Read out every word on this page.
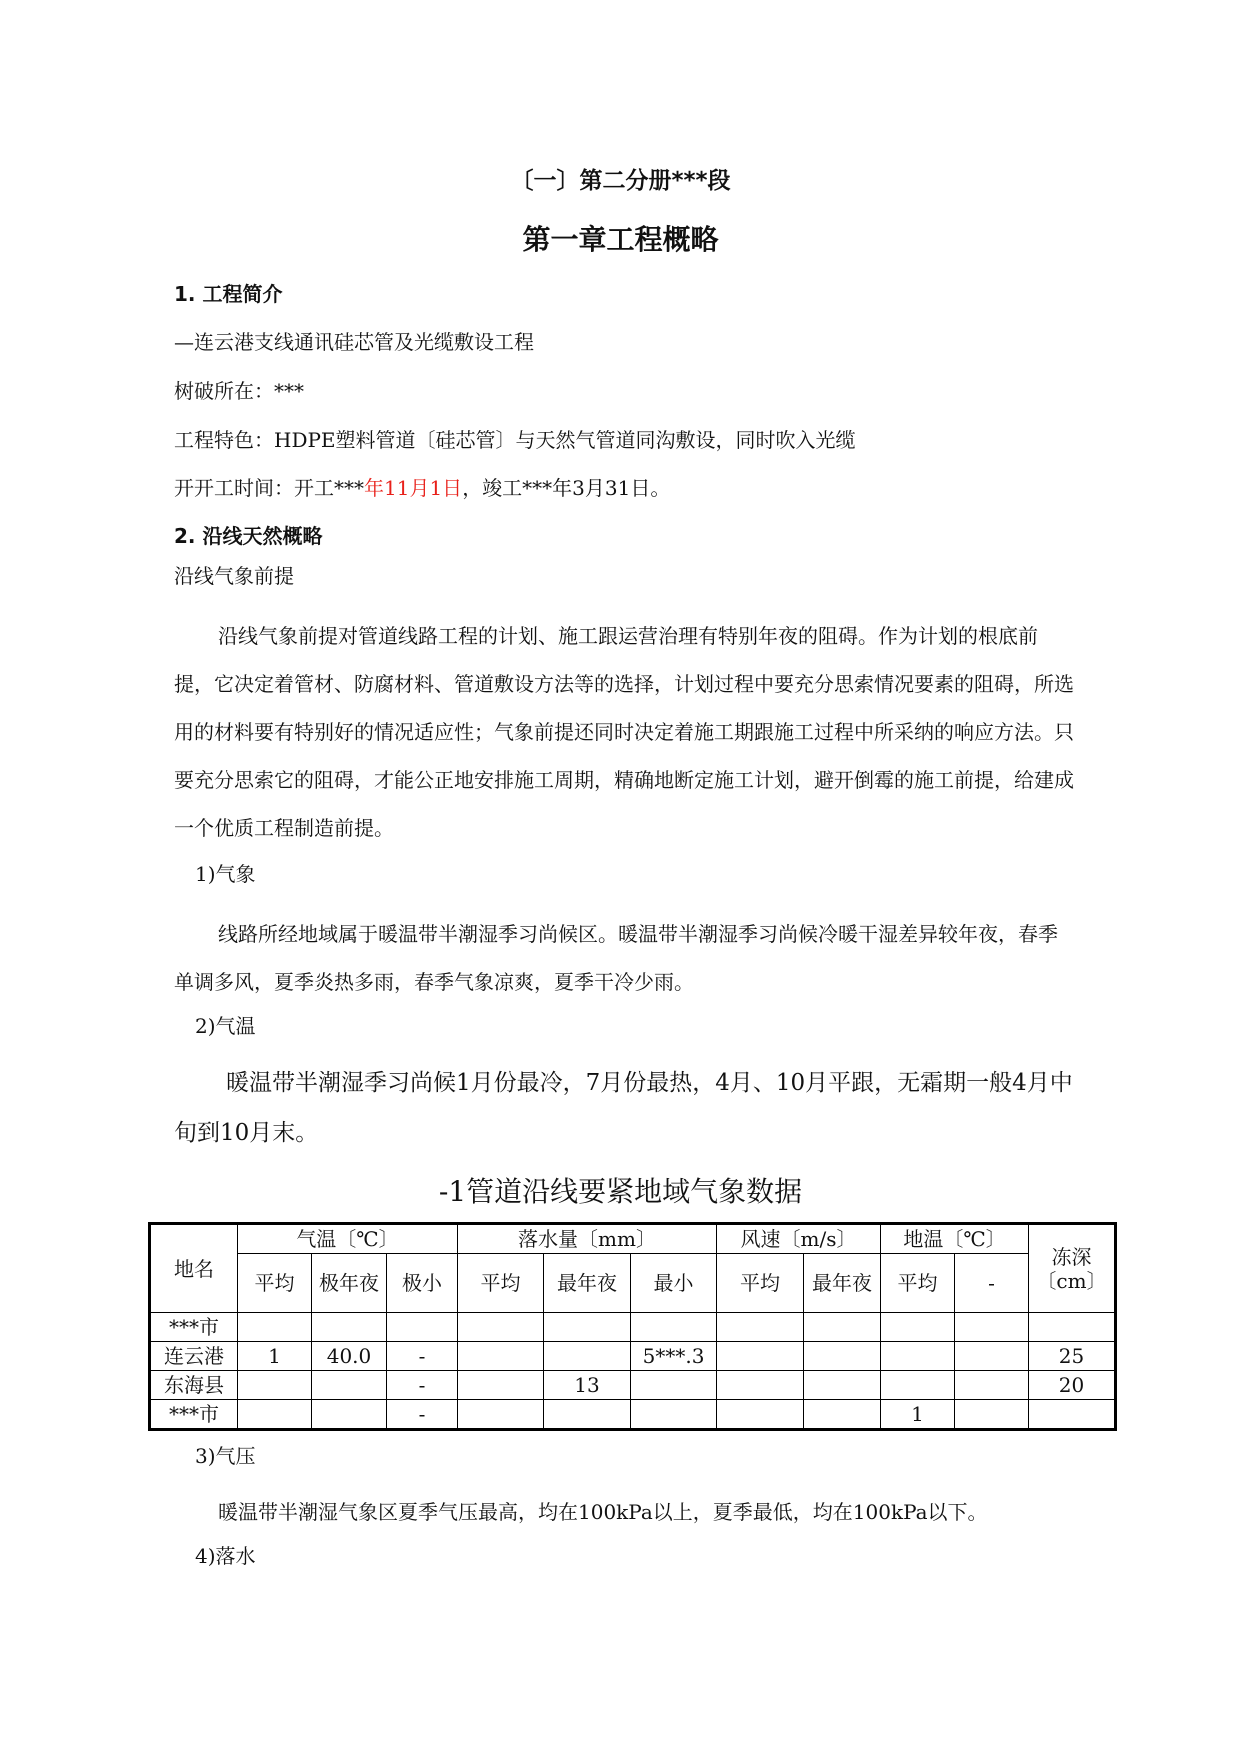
〔一〕第二分册***段
第一章工程概略
1. 工程简介
—连云港支线通讯硅芯管及光缆敷设工程
树破所在：***
工程特色：HDPE塑料管道〔硅芯管〕与天然气管道同沟敷设，同时吹入光缆
开开工时间：开工***年11月1日，竣工***年3月31日。
2. 沿线天然概略
沿线气象前提
沿线气象前提对管道线路工程的计划、施工跟运营治理有特别年夜的阻碍。作为计划的根底前提，它决定着管材、防腐材料、管道敷设方法等的选择，计划过程中要充分思索情况要素的阻碍，所选用的材料要有特别好的情况适应性；气象前提还同时决定着施工期跟施工过程中所采纳的响应方法。只要充分思索它的阻碍，才能公正地安排施工周期，精确地断定施工计划，避开倒霉的施工前提，给建成一个优质工程制造前提。
1)气象
线路所经地域属于暖温带半潮湿季习尚候区。暖温带半潮湿季习尚候冷暖干湿差异较年夜，春季单调多风，夏季炎热多雨，春季气象凉爽，夏季干冷少雨。
2)气温
暖温带半潮湿季习尚候1月份最冷，7月份最热，4月、10月平跟，无霜期一般4月中旬到10月末。
-1管道沿线要紧地域气象数据
地名	气温〔℃〕			落水量〔mm〕			风速〔m/s〕		地温〔℃〕		冻深〔cm〕
	平均	极年夜	极小	平均	最年夜	最小	平均	最年夜	平均	-	
***市											
连云港	1	40.0	-			5***.3					25
东海县			-		13						20
***市			-						1		
3)气压
暖温带半潮湿气象区夏季气压最高，均在100kPa以上，夏季最低，均在100kPa以下。
4)落水
